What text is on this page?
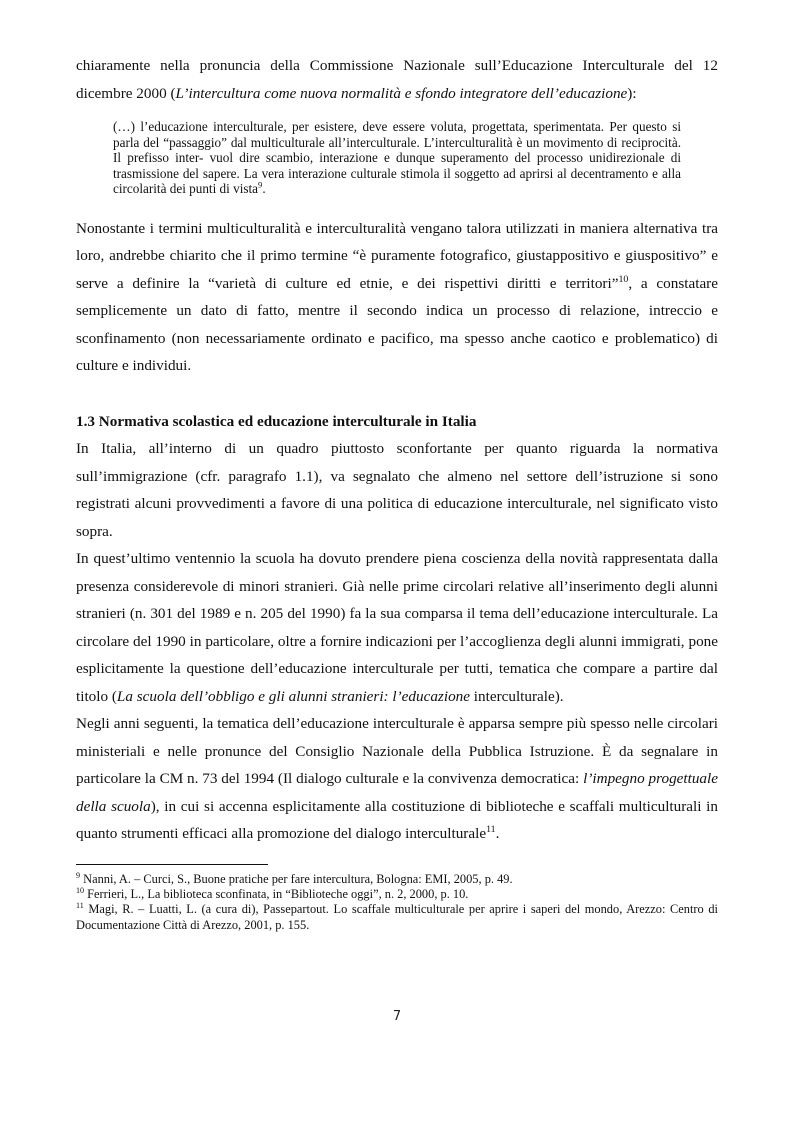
chiaramente nella pronuncia della Commissione Nazionale sull’Educazione Interculturale del 12 dicembre 2000 (L’intercultura come nuova normalità e sfondo integratore dell’educazione):

(…) l’educazione interculturale, per esistere, deve essere voluta, progettata, sperimentata. Per questo si parla del “passaggio” dal multiculturale all’interculturale. L’interculturalità è un movimento di reciprocità. Il prefisso inter- vuol dire scambio, interazione e dunque superamento del processo unidirezionale di trasmissione del sapere. La vera interazione culturale stimola il soggetto ad aprirsi al decentramento e alla circolarità dei punti di vista$^9$.

Nonostante i termini multiculturalità e interculturalità vengano talora utilizzati in maniera alternativa tra loro, andrebbe chiarito che il primo termine “è puramente fotografico, giustappositivo e giuspositivo” e serve a definire la “varietà di culture ed etnie, e dei rispettivi diritti e territori”$^{10}$, a constatare semplicemente un dato di fatto, mentre il secondo indica un processo di relazione, intreccio e sconfinamento (non necessariamente ordinato e pacifico, ma spesso anche caotico e problematico) di culture e individui.

1.3 Normativa scolastica ed educazione interculturale in Italia

In Italia, all’interno di un quadro piuttosto sconfortante per quanto riguarda la normativa sull’immigrazione (cfr. paragrafo 1.1), va segnalato che almeno nel settore dell’istruzione si sono registrati alcuni provvedimenti a favore di una politica di educazione interculturale, nel significato visto sopra.

In quest’ultimo ventennio la scuola ha dovuto prendere piena coscienza della novità rappresentata dalla presenza considerevole di minori stranieri. Già nelle prime circolari relative all’inserimento degli alunni stranieri (n. 301 del 1989 e n. 205 del 1990) fa la sua comparsa il tema dell’educazione interculturale. La circolare del 1990 in particolare, oltre a fornire indicazioni per l’accoglienza degli alunni immigrati, pone esplicitamente la questione dell’educazione interculturale per tutti, tematica che compare a partire dal titolo (La scuola dell’obbligo e gli alunni stranieri: l’educazione interculturale).

Negli anni seguenti, la tematica dell’educazione interculturale è apparsa sempre più spesso nelle circolari ministeriali e nelle pronunce del Consiglio Nazionale della Pubblica Istruzione. È da segnalare in particolare la CM n. 73 del 1994 (Il dialogo culturale e la convivenza democratica: l’impegno progettuale della scuola), in cui si accenna esplicitamente alla costituzione di biblioteche e scaffali multiculturali in quanto strumenti efficaci alla promozione del dialogo interculturale$^{11}$.

$^9$ Nanni, A. – Curci, S., Buone pratiche per fare intercultura, Bologna: EMI, 2005, p. 49.
$^{10}$ Ferrieri, L., La biblioteca sconfinata, in “Biblioteche oggi”, n. 2, 2000, p. 10.
$^{11}$ Magi, R. – Luatti, L. (a cura di), Passepartout. Lo scaffale multiculturale per aprire i saperi del mondo, Arezzo: Centro di Documentazione Città di Arezzo, 2001, p. 155.
7
